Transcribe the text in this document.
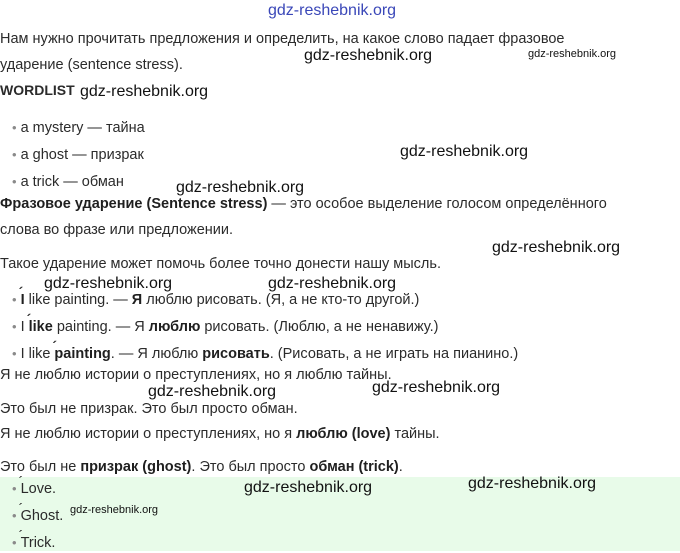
gdz-reshebnik.org
Нам нужно прочитать предложения и определить, на какое слово падает фразовое
ударение (sentence stress).
WORDLIST
• a mystery — тайна
• a ghost — призрак
• a trick — обман
Фразовое ударение (Sentence stress) — это особое выделение голосом определённого
слова во фразе или предложении.
Такое ударение может помочь более точно донести нашу мысль.
• ´ I like painting. — Я люблю рисовать. (Я, а не кто-то другой.)
• I ´ like painting. — Я люблю рисовать. (Люблю, а не ненавижу.)
• I like ´ painting. — Я люблю рисовать. (Рисовать, а не играть на пианино.)
Я не люблю истории о преступлениях, но я люблю тайны.
Это был не призрак. Это был просто обман.
Я не люблю истории о преступлениях, но я люблю (love) тайны.
Это был не призрак (ghost). Это был просто обман (trick).
• ´ Love.
• ´ Ghost.
• ´ Trick.
gdz-reshebnik.org	gdz-reshebnik.org
gdz-reshebnik.org
gdz-reshebnik.org
gdz-reshebnik.org
gdz-reshebnik.org
gdz-reshebnik.org	gdz-reshebnik.org
gdz-reshebnik.org	gdz-reshebnik.org
gdz-reshebnik.org	gdz-reshebnik.org
gdz-reshebnik.org
